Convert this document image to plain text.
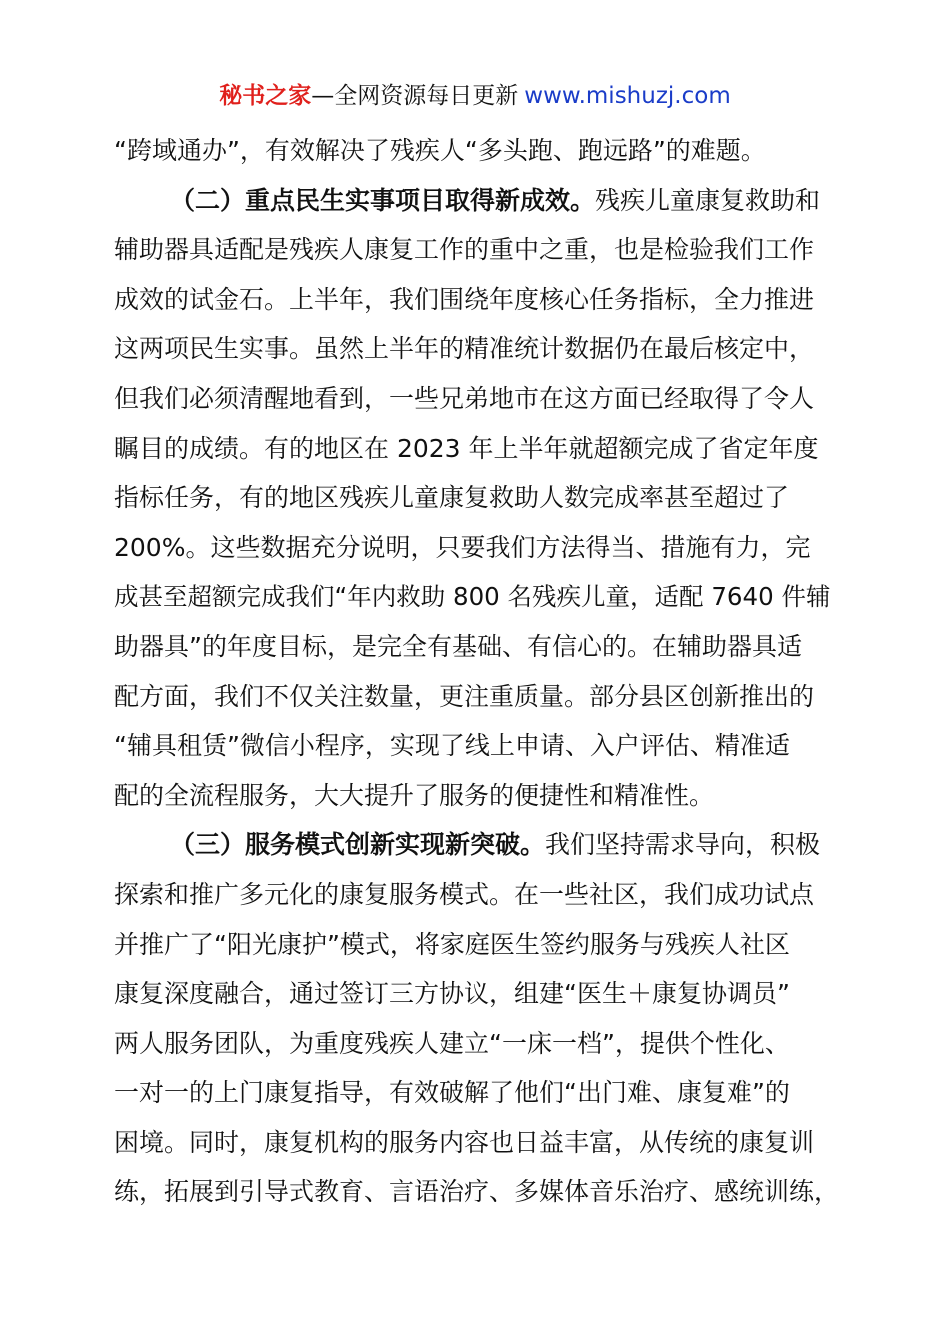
秘书之家—全网资源每日更新 www.mishuzj.com
“跨域通办”，有效解决了残疾人“多头跑、跑远路”的难题。
（二）重点民生实事项目取得新成效。残疾儿童康复救助和
辅助器具适配是残疾人康复工作的重中之重，也是检验我们工作
成效的试金石。上半年，我们围绕年度核心任务指标，全力推进
这两项民生实事。虽然上半年的精准统计数据仍在最后核定中，
但我们必须清醒地看到，一些兄弟地市在这方面已经取得了令人
瞩目的成绩。有的地区在 2023 年上半年就超额完成了省定年度
指标任务，有的地区残疾儿童康复救助人数完成率甚至超过了
200%。这些数据充分说明，只要我们方法得当、措施有力，完
成甚至超额完成我们“年内救助 800 名残疾儿童，适配 7640 件辅
助器具”的年度目标，是完全有基础、有信心的。在辅助器具适
配方面，我们不仅关注数量，更注重质量。部分县区创新推出的
“辅具租赁”微信小程序，实现了线上申请、入户评估、精准适
配的全流程服务，大大提升了服务的便捷性和精准性。
（三）服务模式创新实现新突破。我们坚持需求导向，积极
探索和推广多元化的康复服务模式。在一些社区，我们成功试点
并推广了“阳光康护”模式，将家庭医生签约服务与残疾人社区
康复深度融合，通过签订三方协议，组建“医生＋康复协调员”
两人服务团队，为重度残疾人建立“一床一档”，提供个性化、
一对一的上门康复指导，有效破解了他们“出门难、康复难”的
困境。同时，康复机构的服务内容也日益丰富，从传统的康复训
练，拓展到引导式教育、言语治疗、多媒体音乐治疗、感统训练，
